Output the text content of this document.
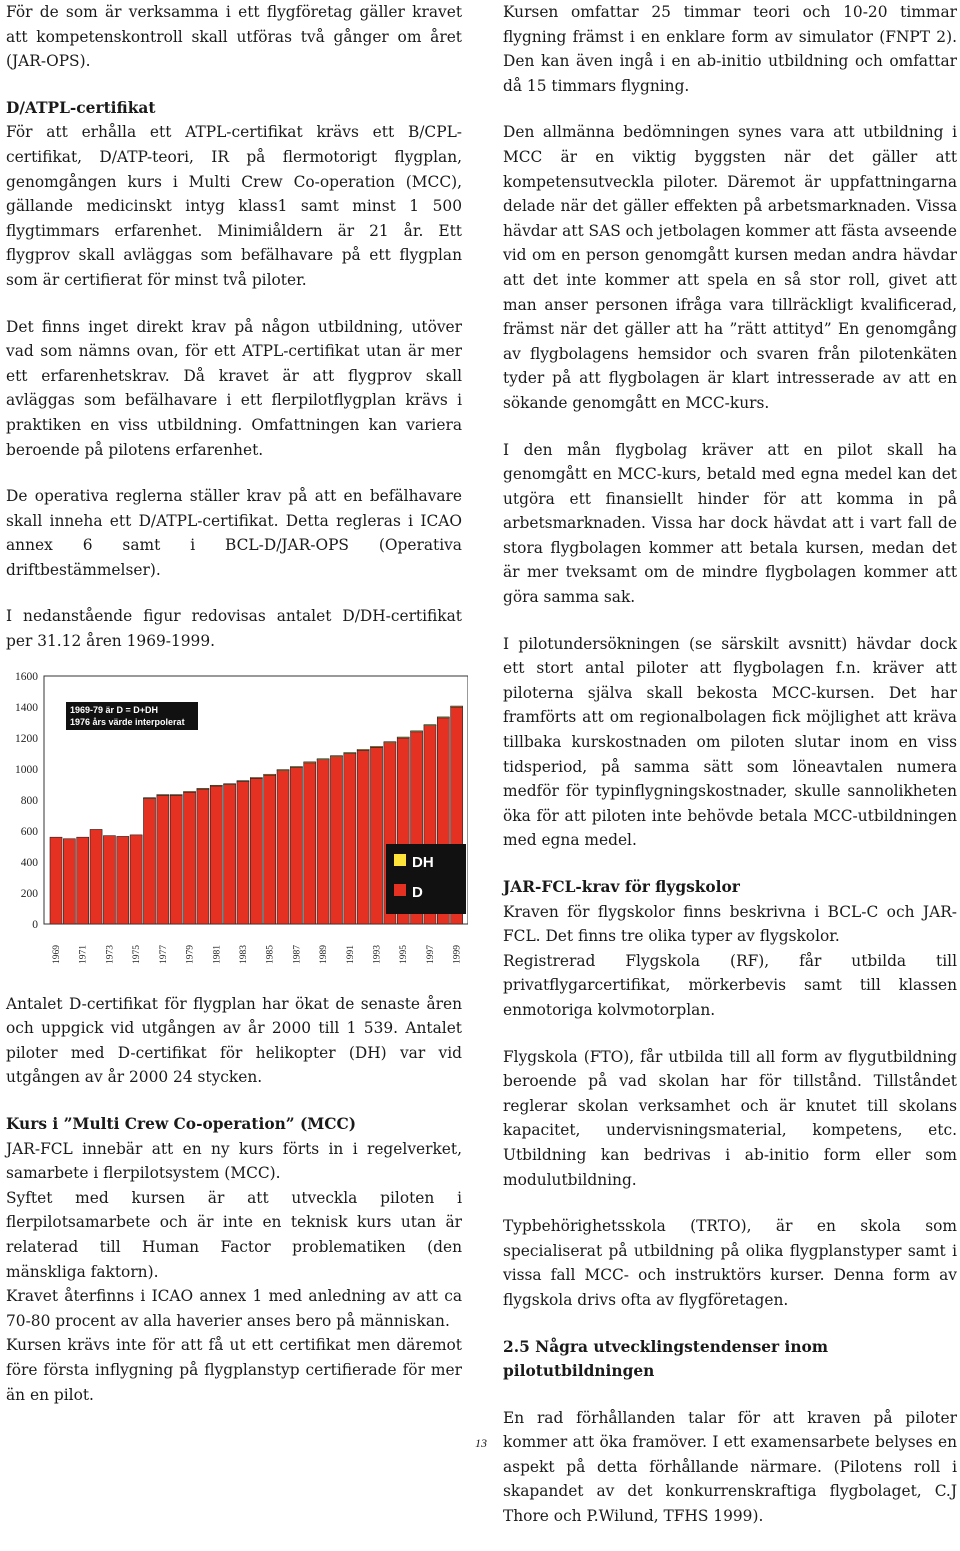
För de som är verksamma i ett flygföretag gäller kravet att kompetenskontroll skall utföras två gånger om året (JAR-OPS).

D/ATPL-certifikat

För att erhålla ett ATPL-certifikat krävs ett B/CPL-certifikat, D/ATP-teori, IR på flermotorigt flygplan, genomgången kurs i Multi Crew Co-operation (MCC), gällande medicinskt intyg klass1 samt minst 1 500 flygtimmars erfarenhet. Minimiåldern är 21 år. Ett flygprov skall avläggas som befälhavare på ett flygplan som är certifierat för minst två piloter.

Det finns inget direkt krav på någon utbildning, utöver vad som nämns ovan, för ett ATPL-certifikat utan är mer ett erfarenhetskrav. Då kravet är att flygprov skall avläggas som befälhavare i ett flerpilotflygplan krävs i praktiken en viss utbildning. Omfattningen kan variera beroende på pilotens erfarenhet.

De operativa reglerna ställer krav på att en befälhavare skall inneha ett D/ATPL-certifikat. Detta regleras i ICAO annex 6 samt i BCL-D/JAR-OPS (Operativa driftbestämmelser).

I nedanstående figur redovisas antalet D/DH-certifikat per 31.12 åren 1969-1999.

1600
1400
1200
1000
800
600
400
200
0
1969-79 är D = D+DH
1976 års värde interpolerat
1969 1971 1973 1975 1977 1979 1981 1983 1985 1987 1989 1991 1993 1995 1997 1999
DH
D

Antalet D-certifikat för flygplan har ökat de senaste åren och uppgick vid utgången av år 2000 till 1 539. Antalet piloter med D-certifikat för helikopter (DH) var vid utgången av år 2000 24 stycken.

Kurs i ”Multi Crew Co-operation” (MCC)

JAR-FCL innebär att en ny kurs förts in i regelverket, samarbete i flerpilotsystem (MCC).

Syftet med kursen är att utveckla piloten i flerpilotsamarbete och är inte en teknisk kurs utan är relaterad till Human Factor problematiken (den mänskliga faktorn).

Kravet återfinns i ICAO annex 1 med anledning av att ca 70-80 procent av alla haverier anses bero på människan.

Kursen krävs inte för att få ut ett certifikat men däremot före första inflygning på flygplanstyp certifierade för mer än en pilot.

Kursen omfattar 25 timmar teori och 10-20 timmar flygning främst i en enklare form av simulator (FNPT 2). Den kan även ingå i en ab-initio utbildning och omfattar då 15 timmars flygning.

Den allmänna bedömningen synes vara att utbildning i MCC är en viktig byggsten när det gäller att kompetensutveckla piloter. Däremot är uppfattningarna delade när det gäller effekten på arbetsmarknaden. Vissa hävdar att SAS och jetbolagen kommer att fästa avseende vid om en person genomgått kursen medan andra hävdar att det inte kommer att spela en så stor roll, givet att man anser personen ifråga vara tillräckligt kvalificerad, främst när det gäller att ha ”rätt attityd” En genomgång av flygbolagens hemsidor och svaren från pilotenkäten tyder på att flygbolagen är klart intresserade av att en sökande genomgått en MCC-kurs.

I den mån flygbolag kräver att en pilot skall ha genomgått en MCC-kurs, betald med egna medel kan det utgöra ett finansiellt hinder för att komma in på arbetsmarknaden. Vissa har dock hävdat att i vart fall de stora flygbolagen kommer att betala kursen, medan det är mer tveksamt om de mindre flygbolagen kommer att göra samma sak.

I pilotundersökningen (se särskilt avsnitt) hävdar dock ett stort antal piloter att flygbolagen f.n. kräver att piloterna själva skall bekosta MCC-kursen. Det har framförts att om regionalbolagen fick möjlighet att kräva tillbaka kurskostnaden om piloten slutar inom en viss tidsperiod, på samma sätt som löneavtalen numera medför för typinflygningskostnader, skulle sannolikheten öka för att piloten inte behövde betala MCC-utbildningen med egna medel.

JAR-FCL-krav för flygskolor

Kraven för flygskolor finns beskrivna i BCL-C och JAR-FCL. Det finns tre olika typer av flygskolor.

Registrerad Flygskola (RF), får utbilda till privatflygarcertifikat, mörkerbevis samt till klassen enmotoriga kolvmotorplan.

Flygskola (FTO), får utbilda till all form av flygutbildning beroende på vad skolan har för tillstånd. Tillståndet reglerar skolan verksamhet och är knutet till skolans kapacitet, undervisningsmaterial, kompetens, etc. Utbildning kan bedrivas i ab-initio form eller som modulutbildning.

Typbehörighetsskola (TRTO), är en skola som specialiserat på utbildning på olika flygplanstyper samt i vissa fall MCC- och instruktörs kurser. Denna form av flygskola drivs ofta av flygföretagen.

2.5 Några utvecklingstendenser inom pilotutbildningen

En rad förhållanden talar för att kraven på piloter kommer att öka framöver. I ett examensarbete belyses en aspekt på detta förhållande närmare. (Pilotens roll i skapandet av det konkurrenskraftiga flygbolaget, C.J Thore och P.Wilund, TFHS 1999).

13
